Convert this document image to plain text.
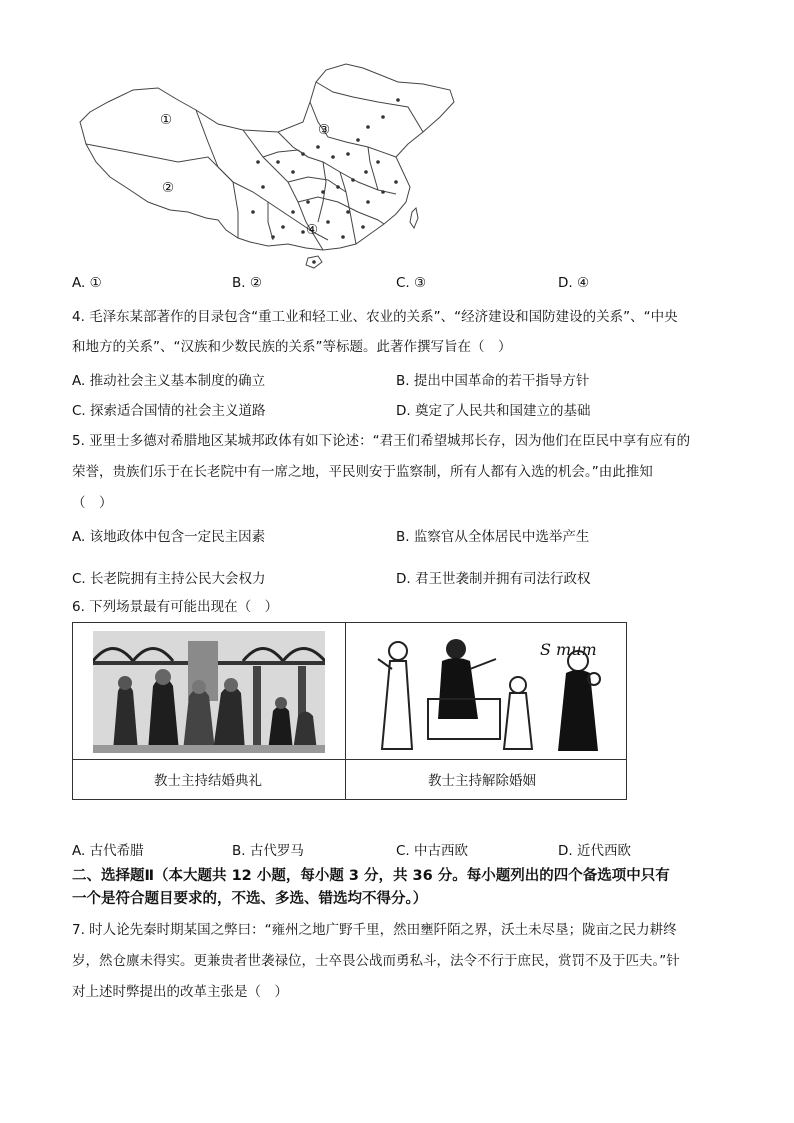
①
②
③
④
A. ①	B. ②	C. ③	D. ④
4. 毛泽东某部著作的目录包含“重工业和轻工业、农业的关系”、“经济建设和国防建设的关系”、“中央
和地方的关系”、“汉族和少数民族的关系”等标题。此著作撰写旨在（　）
A. 推动社会主义基本制度的确立	B. 提出中国革命的若干指导方针
C. 探索适合国情的社会主义道路	D. 奠定了人民共和国建立的基础
5. 亚里士多德对希腊地区某城邦政体有如下论述：“君王们希望城邦长存，因为他们在臣民中享有应有的
荣誉，贵族们乐于在长老院中有一席之地，平民则安于监察制，所有人都有入选的机会。”由此推知
（　）
A. 该地政体中包含一定民主因素	B. 监察官从全体居民中选举产生
C. 长老院拥有主持公民大会权力	D. 君王世袭制并拥有司法行政权
6. 下列场景最有可能出现在（　）
S mum
教士主持结婚典礼	教士主持解除婚姻
A. 古代希腊	B. 古代罗马	C. 中古西欧	D. 近代西欧
二、选择题Ⅱ（本大题共 12 小题，每小题 3 分，共 36 分。每小题列出的四个备选项中只有
一个是符合题目要求的，不选、多选、错选均不得分。）
7. 时人论先秦时期某国之弊曰：“雍州之地广野千里，然田壅阡陌之界，沃土未尽垦；陇亩之民力耕终
岁，然仓廪未得实。更兼贵者世袭禄位，士卒畏公战而勇私斗，法令不行于庶民，赏罚不及于匹夫。”针
对上述时弊提出的改革主张是（　）
